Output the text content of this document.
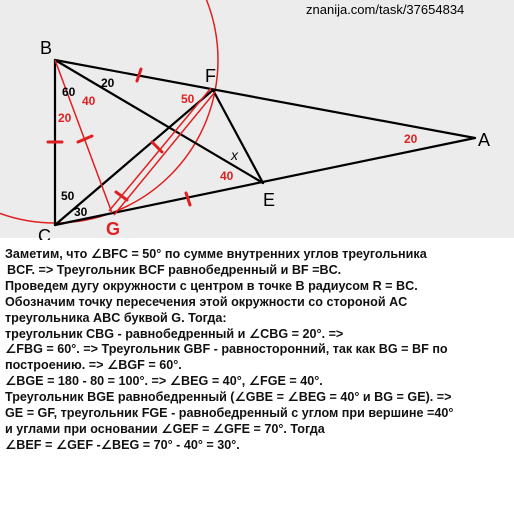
20
60
40
20
50
20
x
40
50
30
B
F
A
E
C	G
znanija.com/task/37654834

Заметим, что ∠BFC = 50° по сумме внутренних углов треугольника

BCF. => Треугольник BCF равнобедренный и BF =BC.

Проведем дугу окружности с центром в точке B радиусом R = BC.

Обозначим точку пересечения этой окружности со стороной AC

треугольника ABC буквой G. Тогда:

треугольник CBG - равнобедренный и ∠CBG = 20°. =>

∠FBG = 60°. => Треугольник GBF - равносторонний, так как BG = BF по

построению. => ∠BGF = 60°.

∠BGE = 180 - 80 = 100°. => ∠BEG = 40°, ∠FGE = 40°.

Треугольник BGE равнобедренный (∠GBE = ∠BEG = 40° и BG = GE). =>

GE = GF, треугольник FGE - равнобедренный с углом при вершине =40°

и углами при основании ∠GEF = ∠GFE = 70°. Тогда

∠BEF = ∠GEF -∠BEG = 70° - 40° = 30°.
